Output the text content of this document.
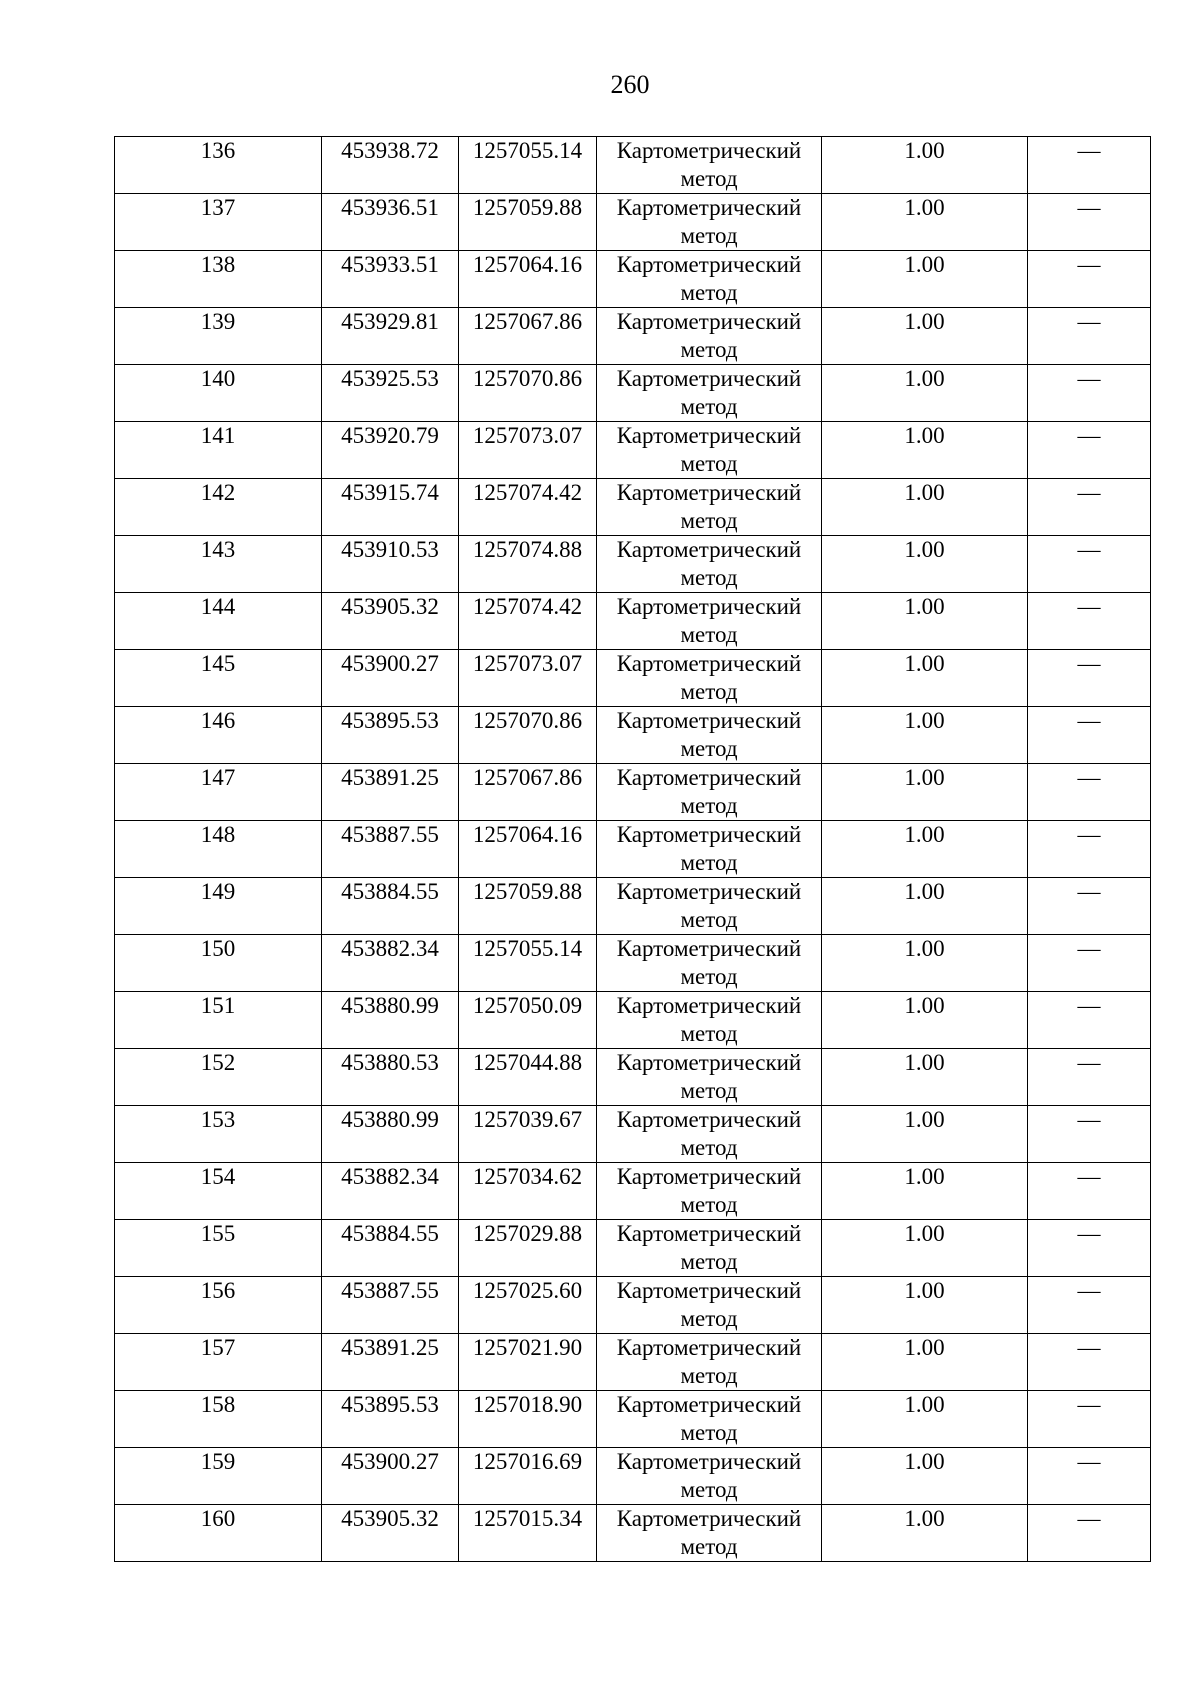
260
136	453938.72	1257055.14	Картометрический метод	1.00	—
137	453936.51	1257059.88	Картометрический метод	1.00	—
138	453933.51	1257064.16	Картометрический метод	1.00	—
139	453929.81	1257067.86	Картометрический метод	1.00	—
140	453925.53	1257070.86	Картометрический метод	1.00	—
141	453920.79	1257073.07	Картометрический метод	1.00	—
142	453915.74	1257074.42	Картометрический метод	1.00	—
143	453910.53	1257074.88	Картометрический метод	1.00	—
144	453905.32	1257074.42	Картометрический метод	1.00	—
145	453900.27	1257073.07	Картометрический метод	1.00	—
146	453895.53	1257070.86	Картометрический метод	1.00	—
147	453891.25	1257067.86	Картометрический метод	1.00	—
148	453887.55	1257064.16	Картометрический метод	1.00	—
149	453884.55	1257059.88	Картометрический метод	1.00	—
150	453882.34	1257055.14	Картометрический метод	1.00	—
151	453880.99	1257050.09	Картометрический метод	1.00	—
152	453880.53	1257044.88	Картометрический метод	1.00	—
153	453880.99	1257039.67	Картометрический метод	1.00	—
154	453882.34	1257034.62	Картометрический метод	1.00	—
155	453884.55	1257029.88	Картометрический метод	1.00	—
156	453887.55	1257025.60	Картометрический метод	1.00	—
157	453891.25	1257021.90	Картометрический метод	1.00	—
158	453895.53	1257018.90	Картометрический метод	1.00	—
159	453900.27	1257016.69	Картометрический метод	1.00	—
160	453905.32	1257015.34	Картометрический метод	1.00	—
